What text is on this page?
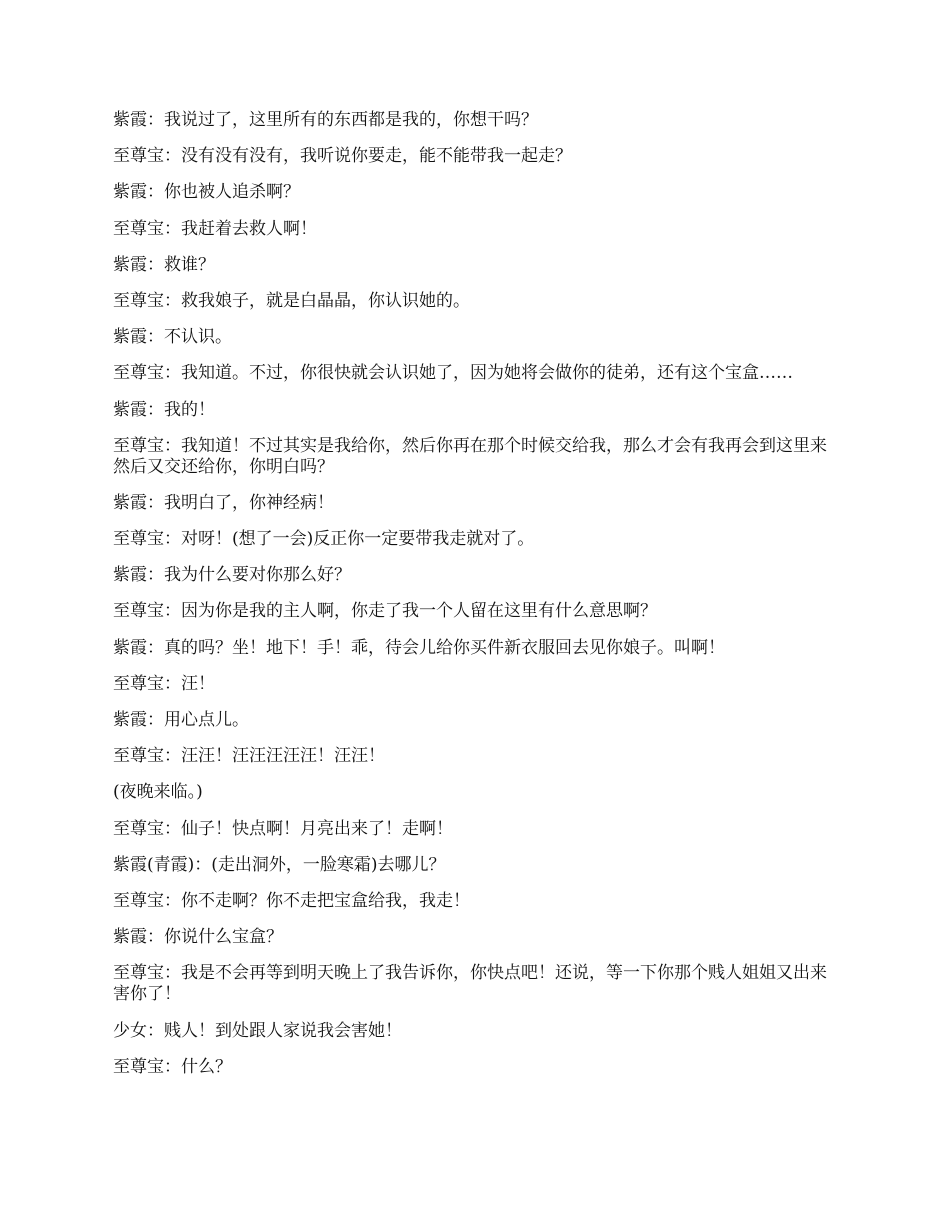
紫霞：我说过了，这里所有的东西都是我的，你想干吗？

至尊宝：没有没有没有，我听说你要走，能不能带我一起走？

紫霞：你也被人追杀啊？

至尊宝：我赶着去救人啊！

紫霞：救谁？

至尊宝：救我娘子，就是白晶晶，你认识她的。

紫霞：不认识。

至尊宝：我知道。不过，你很快就会认识她了，因为她将会做你的徒弟，还有这个宝盒……

紫霞：我的！

至尊宝：我知道！不过其实是我给你，然后你再在那个时候交给我，那么才会有我再会到这里来然后又交还给你，你明白吗？

紫霞：我明白了，你神经病！

至尊宝：对呀！(想了一会)反正你一定要带我走就对了。

紫霞：我为什么要对你那么好？

至尊宝：因为你是我的主人啊，你走了我一个人留在这里有什么意思啊？

紫霞：真的吗？坐！地下！手！乖，待会儿给你买件新衣服回去见你娘子。叫啊！

至尊宝：汪！

紫霞：用心点儿。

至尊宝：汪汪！汪汪汪汪汪！汪汪！

(夜晚来临。)

至尊宝：仙子！快点啊！月亮出来了！走啊！

紫霞(青霞)：(走出洞外，一脸寒霜)去哪儿？

至尊宝：你不走啊？你不走把宝盒给我，我走！

紫霞：你说什么宝盒？

至尊宝：我是不会再等到明天晚上了我告诉你，你快点吧！还说，等一下你那个贱人姐姐又出来害你了！

少女：贱人！到处跟人家说我会害她！

至尊宝：什么？
